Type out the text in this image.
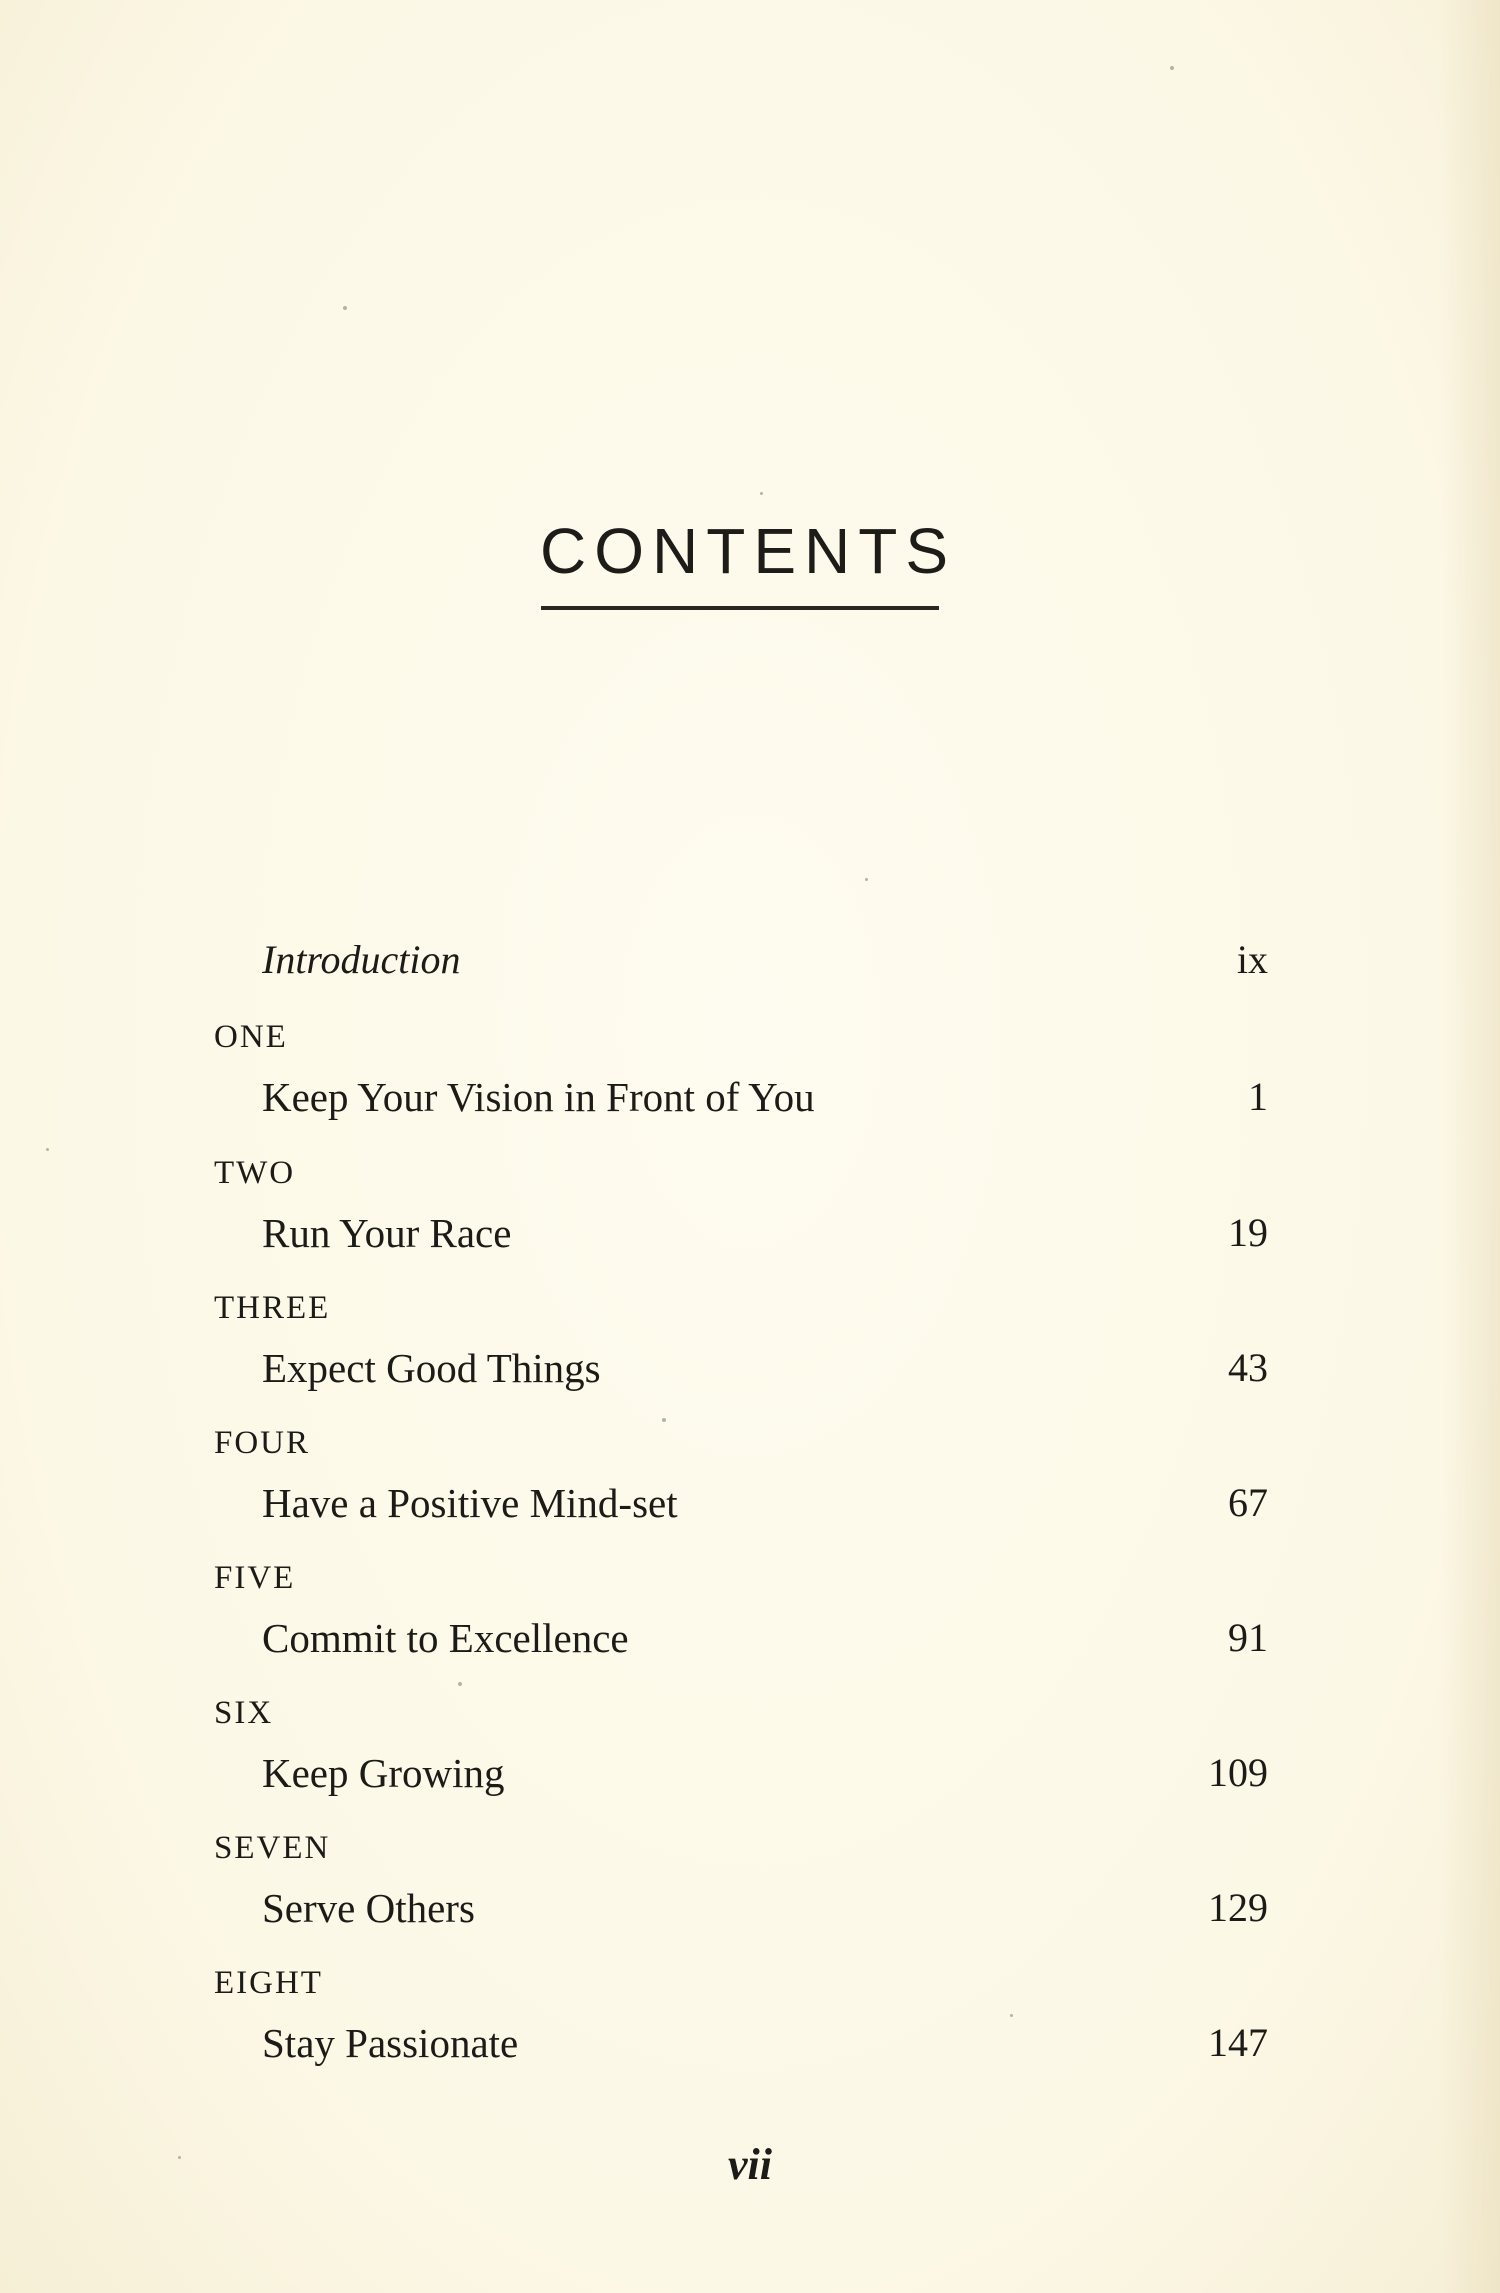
CONTENTS
Introduction	ix
ONE
Keep Your Vision in Front of You	1
TWO
Run Your Race	19
THREE
Expect Good Things	43
FOUR
Have a Positive Mind-set	67
FIVE
Commit to Excellence	91
SIX
Keep Growing	109
SEVEN
Serve Others	129
EIGHT
Stay Passionate	147
vii
